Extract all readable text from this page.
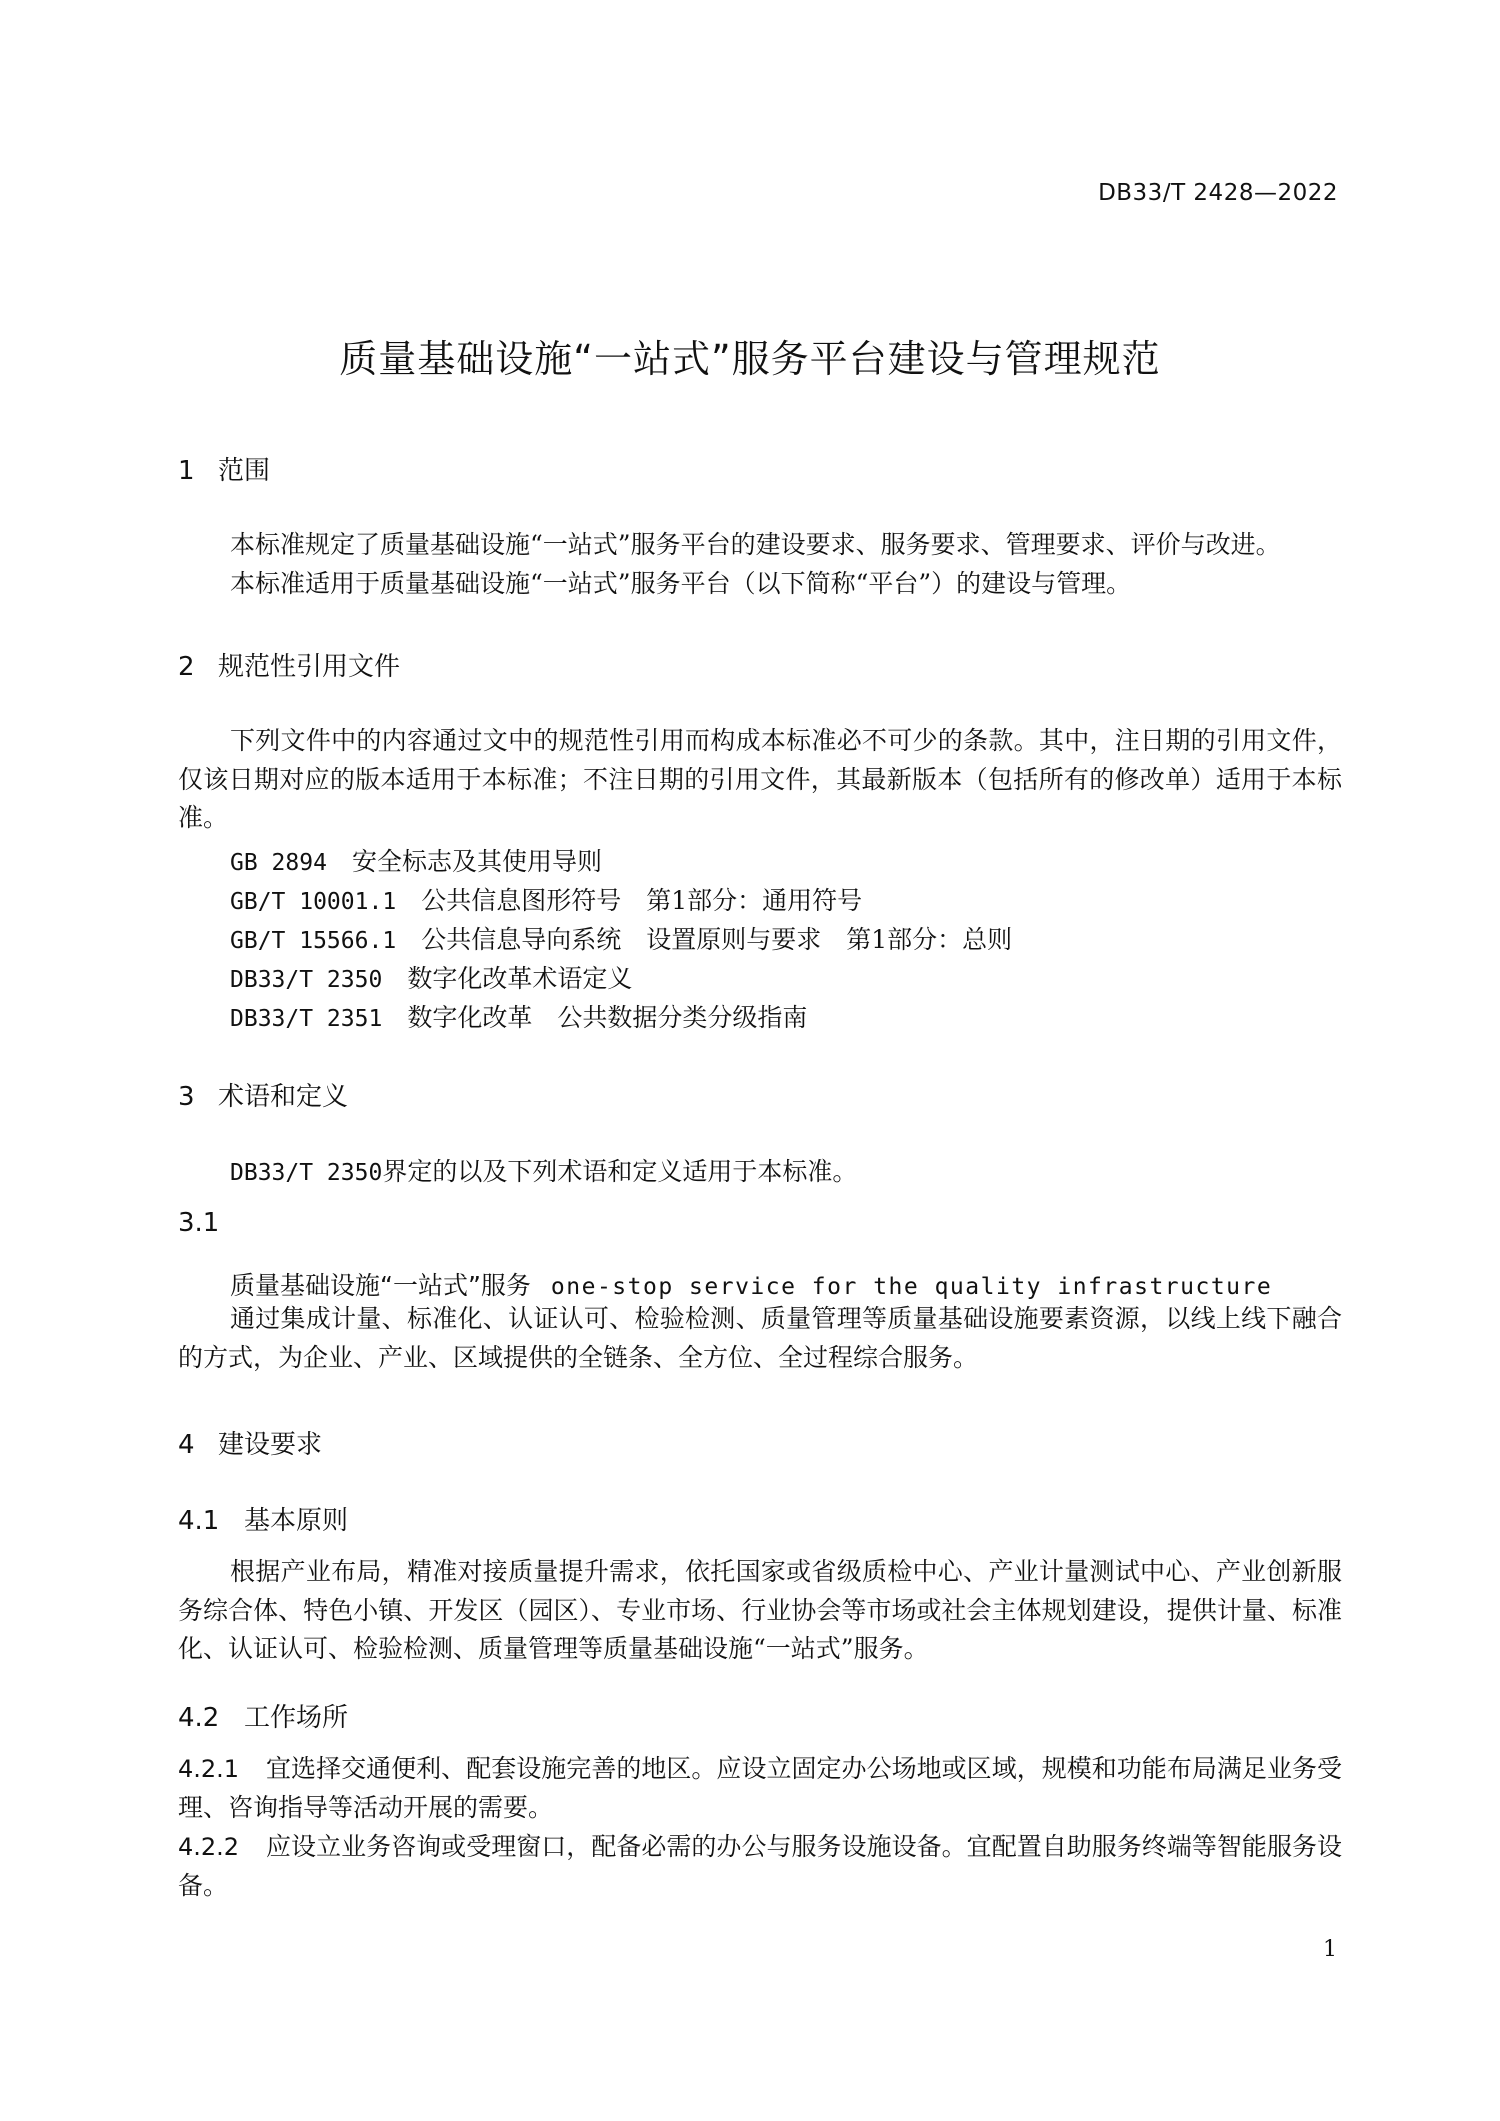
DB33/T 2428—2022
质量基础设施“一站式”服务平台建设与管理规范
1 范围
本标准规定了质量基础设施“一站式”服务平台的建设要求、服务要求、管理要求、评价与改进。
本标准适用于质量基础设施“一站式”服务平台（以下简称“平台”）的建设与管理。
2 规范性引用文件
下列文件中的内容通过文中的规范性引用而构成本标准必不可少的条款。其中，注日期的引用文件，仅该日期对应的版本适用于本标准；不注日期的引用文件，其最新版本（包括所有的修改单）适用于本标准。
GB 2894　 安全标志及其使用导则
GB/T 10001.1　 公共信息图形符号　第1部分：通用符号
GB/T 15566.1　 公共信息导向系统　设置原则与要求　第1部分：总则
DB33/T 2350　 数字化改革术语定义
DB33/T 2351　 数字化改革　公共数据分类分级指南
3 术语和定义
DB33/T 2350界定的以及下列术语和定义适用于本标准。
3.1
质量基础设施“一站式”服务 one-stop service for the quality infrastructure
通过集成计量、标准化、认证认可、检验检测、质量管理等质量基础设施要素资源，以线上线下融合的方式，为企业、产业、区域提供的全链条、全方位、全过程综合服务。
4 建设要求
4.1 基本原则
根据产业布局，精准对接质量提升需求，依托国家或省级质检中心、产业计量测试中心、产业创新服务综合体、特色小镇、开发区（园区）、专业市场、行业协会等市场或社会主体规划建设，提供计量、标准化、认证认可、检验检测、质量管理等质量基础设施“一站式”服务。
4.2 工作场所
4.2.1 宜选择交通便利、配套设施完善的地区。应设立固定办公场地或区域，规模和功能布局满足业务受理、咨询指导等活动开展的需要。
4.2.2 应设立业务咨询或受理窗口，配备必需的办公与服务设施设备。宜配置自助服务终端等智能服务设备。
1
